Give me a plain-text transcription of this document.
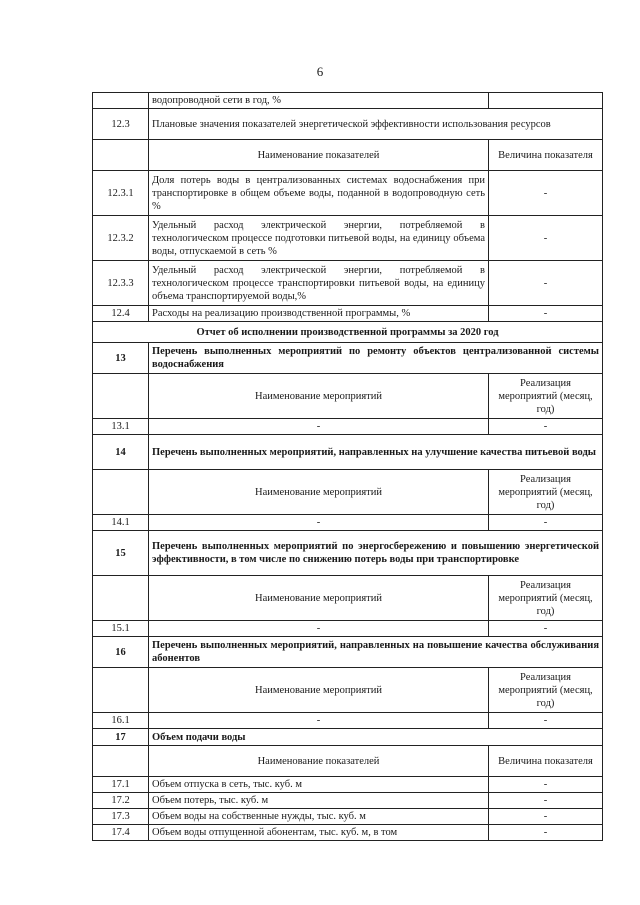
6
	водопроводной сети в год, %	
12.3	Плановые значения показателей энергетической эффективности использования ресурсов	
	Наименование показателей	Величина показателя
12.3.1	Доля потерь воды в централизованных системах водоснабжения при транспортировке в общем объеме воды, поданной в водопроводную сеть %	-
12.3.2	Удельный расход электрической энергии, потребляемой в технологическом процессе подготовки питьевой воды, на единицу объема воды, отпускаемой в сеть %	-
12.3.3	Удельный расход электрической энергии, потребляемой в технологическом процессе транспортировки питьевой воды, на единицу объема транспортируемой воды,%	-
12.4	Расходы на реализацию производственной программы, %	-
Отчет об исполнении производственной программы за 2020 год		
13	Перечень выполненных мероприятий по ремонту объектов централизованной системы водоснабжения	
	Наименование мероприятий	Реализация мероприятий (месяц, год)
13.1	-	-
14	Перечень выполненных мероприятий, направленных на улучшение качества питьевой воды	
	Наименование мероприятий	Реализация мероприятий (месяц, год)
14.1	-	-
15	Перечень выполненных мероприятий по энергосбережению и повышению энергетической эффективности, в том числе по снижению потерь воды при транспортировке	
	Наименование мероприятий	Реализация мероприятий (месяц, год)
15.1	-	-
16	Перечень выполненных мероприятий, направленных на повышение качества обслуживания абонентов	
	Наименование мероприятий	Реализация мероприятий (месяц, год)
16.1	-	-
17	Объем подачи воды	
	Наименование показателей	Величина показателя
17.1	Объем отпуска в сеть, тыс. куб. м	-
17.2	Объем потерь, тыс. куб. м	-
17.3	Объем воды на собственные нужды, тыс. куб. м	-
17.4	Объем воды отпущенной абонентам, тыс. куб. м, в том	-
